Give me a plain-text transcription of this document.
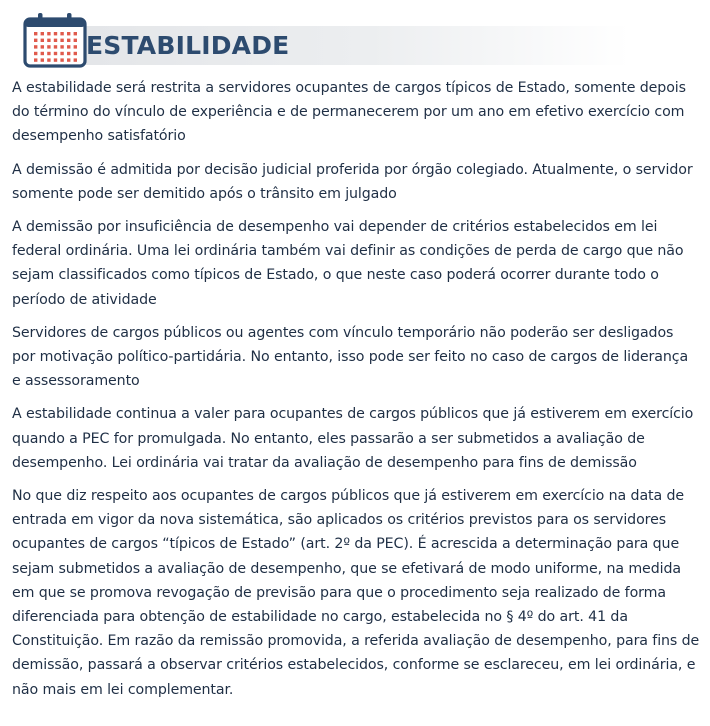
ESTABILIDADE

A estabilidade será restrita a servidores ocupantes de cargos típicos de Estado, somente depois do término do vínculo de experiência e de permanecerem por um ano em efetivo exercício com desempenho satisfatório

A demissão é admitida por decisão judicial proferida por órgão colegiado. Atualmente, o servidor somente pode ser demitido após o trânsito em julgado

A demissão por insuficiência de desempenho vai depender de critérios estabelecidos em lei federal ordinária. Uma lei ordinária também vai definir as condições de perda de cargo que não sejam classificados como típicos de Estado, o que neste caso poderá ocorrer durante todo o período de atividade

Servidores de cargos públicos ou agentes com vínculo temporário não poderão ser desligados por motivação político-partidária. No entanto, isso pode ser feito no caso de cargos de liderança e assessoramento

A estabilidade continua a valer para ocupantes de cargos públicos que já estiverem em exercício quando a PEC for promulgada. No entanto, eles passarão a ser submetidos a avaliação de desempenho. Lei ordinária vai tratar da avaliação de desempenho para fins de demissão

No que diz respeito aos ocupantes de cargos públicos que já estiverem em exercício na data de entrada em vigor da nova sistemática, são aplicados os critérios previstos para os servidores ocupantes de cargos “típicos de Estado” (art. 2º da PEC). É acrescida a determinação para que sejam submetidos a avaliação de desempenho, que se efetivará de modo uniforme, na medida em que se promova revogação de previsão para que o procedimento seja realizado de forma diferenciada para obtenção de estabilidade no cargo, estabelecida no § 4º do art. 41 da Constituição. Em razão da remissão promovida, a referida avaliação de desempenho, para fins de demissão, passará a observar critérios estabelecidos, conforme se esclareceu, em lei ordinária, e não mais em lei complementar.
